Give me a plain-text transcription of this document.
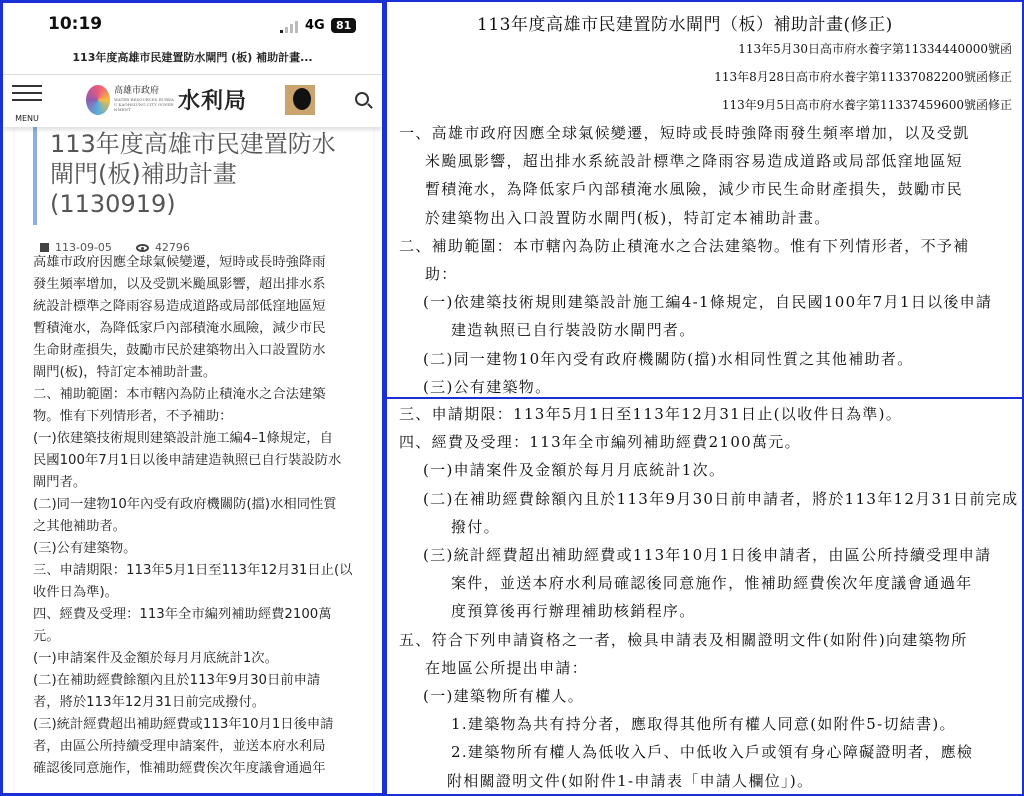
10:19	4G	81
113年度高雄市民建置防水閘門 (板) 補助計畫...
MENU
高雄市政府
WATER RESOURCES BUREAU KAOHSIUNG CITY GOVERNMENT	水利局
113年度高雄市民建置防水閘門(板)補助計畫(1130919)
113-09-05	42796
高雄市政府因應全球氣候變遷，短時或長時強降雨
發生頻率增加，以及受凱米颱風影響，超出排水系
統設計標準之降雨容易造成道路或局部低窪地區短
暫積淹水，為降低家戶內部積淹水風險，減少市民
生命財產損失，鼓勵市民於建築物出入口設置防水
閘門(板)，特訂定本補助計畫。
二、補助範圍：本市轄內為防止積淹水之合法建築
物。惟有下列情形者，不予補助：
(一)依建築技術規則建築設計施工編4–1條規定，自
民國100年7月1日以後申請建造執照已自行裝設防水
閘門者。
(二)同一建物10年內受有政府機關防(擋)水相同性質
之其他補助者。
(三)公有建築物。
三、申請期限：113年5月1日至113年12月31日止(以
收件日為準)。
四、經費及受理：113年全市編列補助經費2100萬
元。
(一)申請案件及金額於每月月底統計1次。
(二)在補助經費餘額內且於113年9月30日前申請
者，將於113年12月31日前完成撥付。
(三)統計經費超出補助經費或113年10月1日後申請
者，由區公所持續受理申請案件，並送本府水利局
確認後同意施作，惟補助經費俟次年度議會通過年
113年度高雄市民建置防水閘門（板）補助計畫(修正)
113年5月30日高市府水養字第11334440000號函
113年8月28日高市府水養字第11337082200號函修正
113年9月5日高市府水養字第11337459600號函修正
一、高雄市政府因應全球氣候變遷，短時或長時強降雨發生頻率增加，以及受凱
米颱風影響，超出排水系統設計標準之降雨容易造成道路或局部低窪地區短
暫積淹水，為降低家戶內部積淹水風險，減少市民生命財產損失，鼓勵市民
於建築物出入口設置防水閘門(板)，特訂定本補助計畫。
二、補助範圍：本市轄內為防止積淹水之合法建築物。惟有下列情形者，不予補
助：
(一)依建築技術規則建築設計施工編4-1條規定，自民國100年7月1日以後申請
建造執照已自行裝設防水閘門者。
(二)同一建物10年內受有政府機關防(擋)水相同性質之其他補助者。
(三)公有建築物。
三、申請期限：113年5月1日至113年12月31日止(以收件日為準)。
四、經費及受理：113年全市編列補助經費2100萬元。
(一)申請案件及金額於每月月底統計1次。
(二)在補助經費餘額內且於113年9月30日前申請者，將於113年12月31日前完成
撥付。
(三)統計經費超出補助經費或113年10月1日後申請者，由區公所持續受理申請
案件，並送本府水利局確認後同意施作，惟補助經費俟次年度議會通過年
度預算後再行辦理補助核銷程序。
五、符合下列申請資格之一者，檢具申請表及相關證明文件(如附件)向建築物所
在地區公所提出申請：
(一)建築物所有權人。
1.建築物為共有持分者，應取得其他所有權人同意(如附件5-切結書)。
2.建築物所有權人為低收入戶、中低收入戶或領有身心障礙證明者，應檢
附相關證明文件(如附件1-申請表「申請人欄位」)。
